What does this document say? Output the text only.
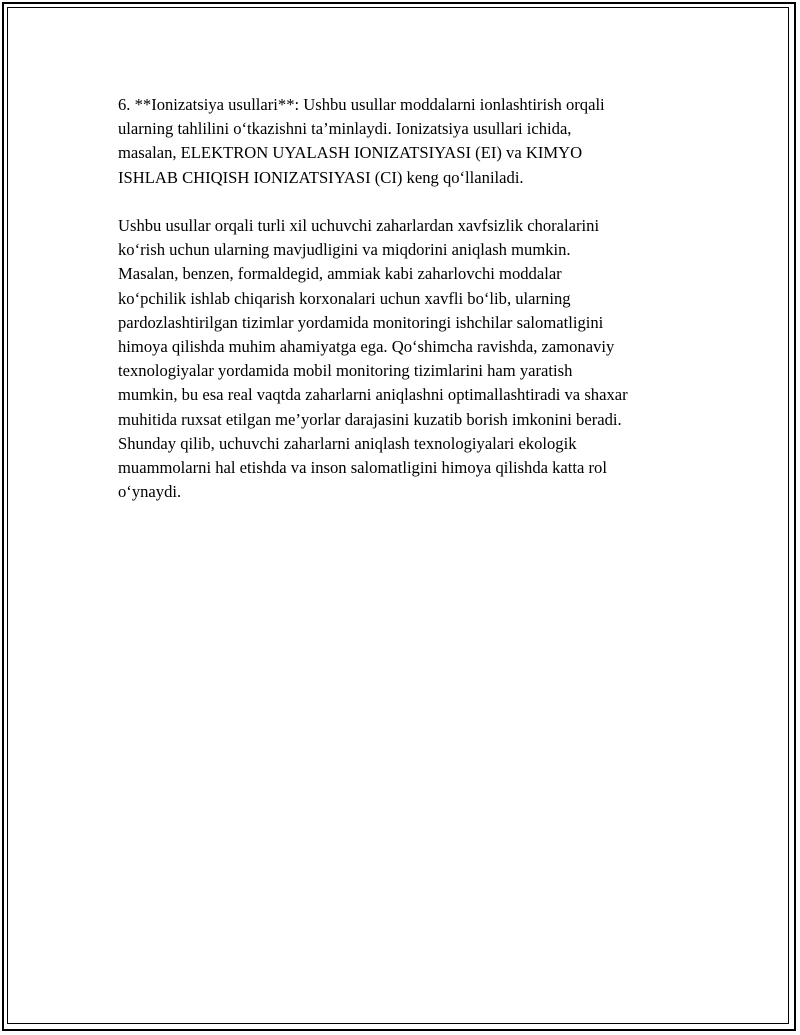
6. **Ionizatsiya usullari**: Ushbu usullar moddalarni ionlashtirish orqali
ularning tahlilini o‘tkazishni ta’minlaydi. Ionizatsiya usullari ichida,
masalan, ELEKTRON UYALASH IONIZATSIYASI (EI) va KIMYO
ISHLAB CHIQISH IONIZATSIYASI (CI) keng qo‘llaniladi.
Ushbu usullar orqali turli xil uchuvchi zaharlardan xavfsizlik choralarini
ko‘rish uchun ularning mavjudligini va miqdorini aniqlash mumkin.
Masalan, benzen, formaldegid, ammiak kabi zaharlovchi moddalar
ko‘pchilik ishlab chiqarish korxonalari uchun xavfli bo‘lib, ularning
pardozlashtirilgan tizimlar yordamida monitoringi ishchilar salomatligini
himoya qilishda muhim ahamiyatga ega. Qo‘shimcha ravishda, zamonaviy
texnologiyalar yordamida mobil monitoring tizimlarini ham yaratish
mumkin, bu esa real vaqtda zaharlarni aniqlashni optimallashtiradi va shaxar
muhitida ruxsat etilgan me’yorlar darajasini kuzatib borish imkonini beradi.
Shunday qilib, uchuvchi zaharlarni aniqlash texnologiyalari ekologik
muammolarni hal etishda va inson salomatligini himoya qilishda katta rol
o‘ynaydi.
